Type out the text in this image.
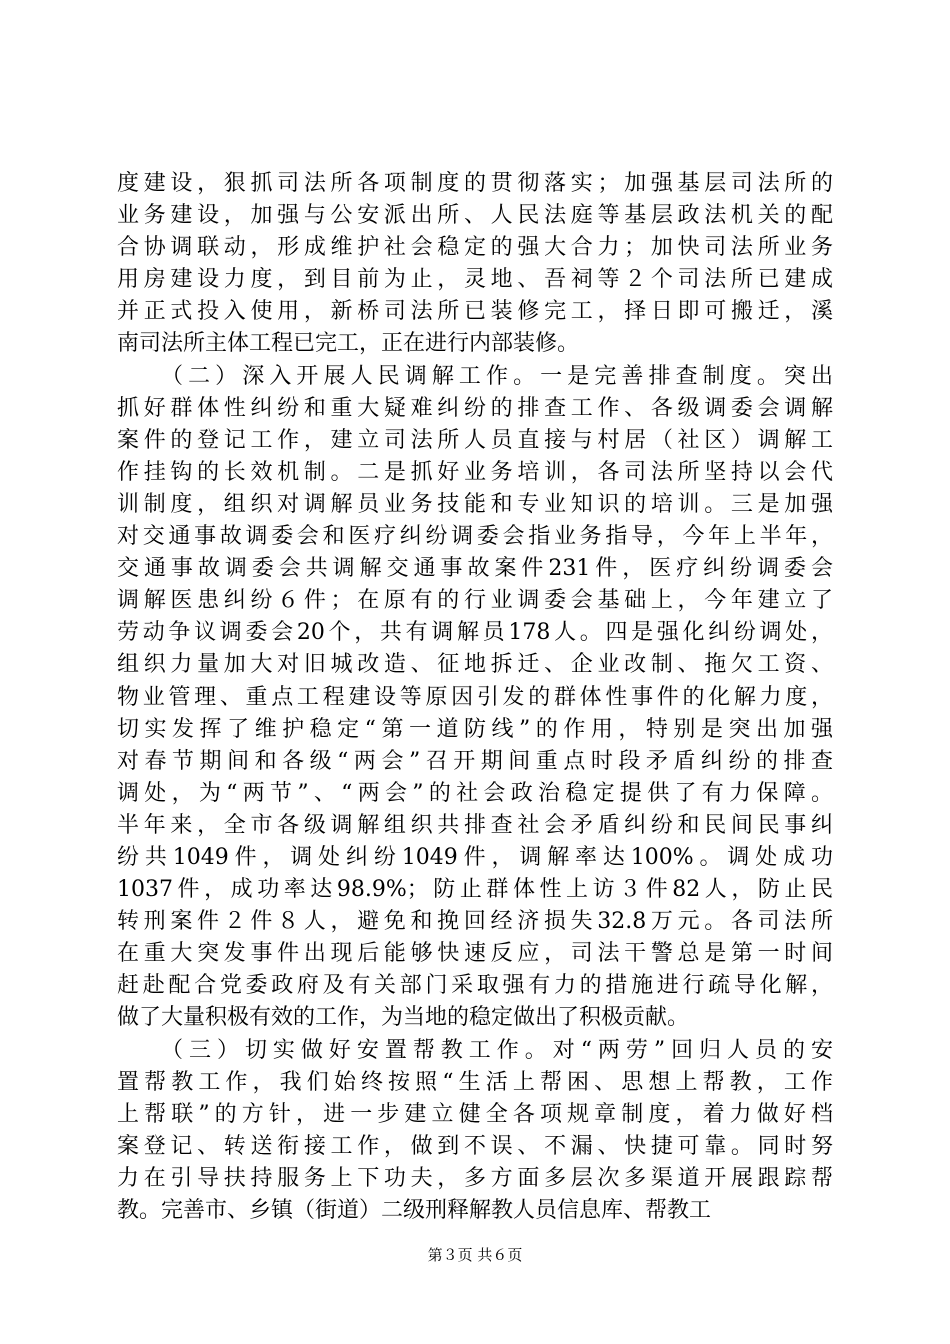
度建设，狠抓司法所各项制度的贯彻落实；加强基层司法所的
业务建设，加强与公安派出所、人民法庭等基层政法机关的配
合协调联动，形成维护社会稳定的强大合力；加快司法所业务
用房建设力度，到目前为止，灵地、吾祠等２个司法所已建成
并正式投入使用，新桥司法所已装修完工，择日即可搬迁，溪
南司法所主体工程已完工，正在进行内部装修。
（二）深入开展人民调解工作。一是完善排查制度。突出
抓好群体性纠纷和重大疑难纠纷的排查工作、各级调委会调解
案件的登记工作，建立司法所人员直接与村居（社区）调解工
作挂钩的长效机制。二是抓好业务培训，各司法所坚持以会代
训制度，组织对调解员业务技能和专业知识的培训。三是加强
对交通事故调委会和医疗纠纷调委会指业务指导，今年上半年，
交通事故调委会共调解交通事故案件231件，医疗纠纷调委会
调解医患纠纷６件；在原有的行业调委会基础上，今年建立了
劳动争议调委会20个，共有调解员178人。四是强化纠纷调处，
组织力量加大对旧城改造、征地拆迁、企业改制、拖欠工资、
物业管理、重点工程建设等原因引发的群体性事件的化解力度，
切实发挥了维护稳定“第一道防线”的作用，特别是突出加强
对春节期间和各级“两会”召开期间重点时段矛盾纠纷的排查
调处，为“两节”、“两会”的社会政治稳定提供了有力保障。
半年来，全市各级调解组织共排查社会矛盾纠纷和民间民事纠
纷共1049件，调处纠纷1049件，调解率达100%。调处成功
1037件，成功率达98.9%；防止群体性上访３件82人，防止民
转刑案件２件８人，避免和挽回经济损失32.8万元。各司法所
在重大突发事件出现后能够快速反应，司法干警总是第一时间
赶赴配合党委政府及有关部门采取强有力的措施进行疏导化解，
做了大量积极有效的工作，为当地的稳定做出了积极贡献。
（三）切实做好安置帮教工作。对“两劳”回归人员的安
置帮教工作，我们始终按照“生活上帮困、思想上帮教，工作
上帮联”的方针，进一步建立健全各项规章制度，着力做好档
案登记、转送衔接工作，做到不误、不漏、快捷可靠。同时努
力在引导扶持服务上下功夫，多方面多层次多渠道开展跟踪帮
教。完善市、乡镇（街道）二级刑释解教人员信息库、帮教工
第３页 共６页
